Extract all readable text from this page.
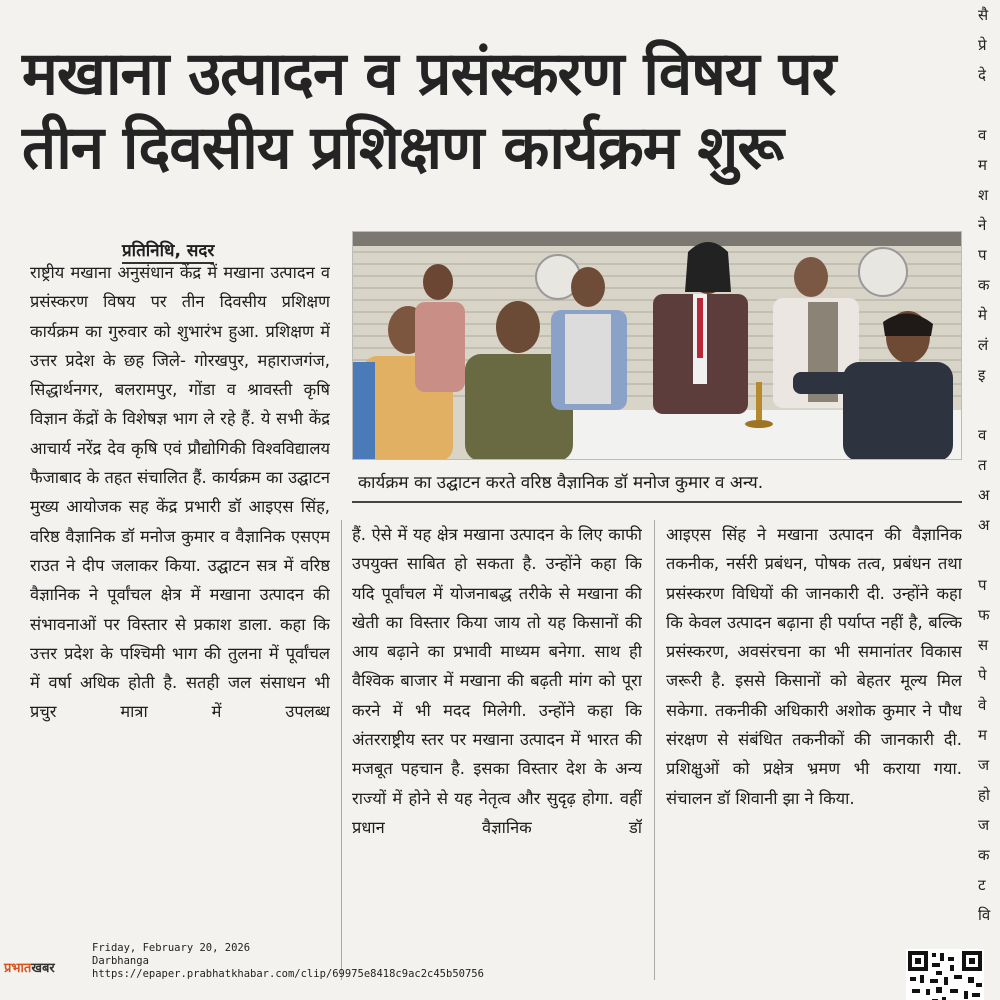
मखाना उत्पादन व प्रसंस्करण विषय पर
तीन दिवसीय प्रशिक्षण कार्यक्रम शुरू
प्रतिनिधि, सदर
कार्यक्रम का उद्घाटन करते वरिष्ठ वैज्ञानिक डॉ मनोज कुमार व अन्य.

राष्ट्रीय मखाना अनुसंधान केंद्र में मखाना उत्पादन व प्रसंस्करण विषय पर तीन दिवसीय प्रशिक्षण कार्यक्रम का गुरुवार को शुभारंभ हुआ. प्रशिक्षण में उत्तर प्रदेश के छह जिले- गोरखपुर, महाराजगंज, सिद्धार्थनगर, बलरामपुर, गोंडा व श्रावस्ती कृषि विज्ञान केंद्रों के विशेषज्ञ भाग ले रहे हैं. ये सभी केंद्र आचार्य नरेंद्र देव कृषि एवं प्रौद्योगिकी विश्वविद्यालय फैजाबाद के तहत संचालित हैं. कार्यक्रम का उद्घाटन मुख्य आयोजक सह केंद्र प्रभारी डॉ आइएस सिंह, वरिष्ठ वैज्ञानिक डॉ मनोज कुमार व वैज्ञानिक एसएम राउत ने दीप जलाकर किया. उद्घाटन सत्र में वरिष्ठ वैज्ञानिक ने पूर्वांचल क्षेत्र में मखाना उत्पादन की संभावनाओं पर विस्तार से प्रकाश डाला. कहा कि उत्तर प्रदेश के पश्चिमी भाग की तुलना में पूर्वांचल में वर्षा अधिक होती है. सतही जल संसाधन भी प्रचुर मात्रा में उपलब्ध

हैं. ऐसे में यह क्षेत्र मखाना उत्पादन के लिए काफी उपयुक्त साबित हो सकता है. उन्होंने कहा कि यदि पूर्वांचल में योजनाबद्ध तरीके से मखाना की खेती का विस्तार किया जाय तो यह किसानों की आय बढ़ाने का प्रभावी माध्यम बनेगा. साथ ही वैश्विक बाजार में मखाना की बढ़ती मांग को पूरा करने में भी मदद मिलेगी. उन्होंने कहा कि अंतरराष्ट्रीय स्तर पर मखाना उत्पादन में भारत की मजबूत पहचान है. इसका विस्तार देश के अन्य राज्यों में होने से यह नेतृत्व और सुदृढ़ होगा. वहीं प्रधान वैज्ञानिक डॉ

आइएस सिंह ने मखाना उत्पादन की वैज्ञानिक तकनीक, नर्सरी प्रबंधन, पोषक तत्व, प्रबंधन तथा प्रसंस्करण विधियों की जानकारी दी. उन्होंने कहा कि केवल उत्पादन बढ़ाना ही पर्याप्त नहीं है, बल्कि प्रसंस्करण, अवसंरचना का भी समानांतर विकास जरूरी है. इससे किसानों को बेहतर मूल्य मिल सकेगा. तकनीकी अधिकारी अशोक कुमार ने पौध संरक्षण से संबंधित तकनीकों की जानकारी दी. प्रशिक्षुओं को प्रक्षेत्र भ्रमण भी कराया गया. संचालन डॉ शिवानी झा ने किया.

सै
प्रे
दे

व
म
श
ने
प
क
मे
लं
इ

व
त
अ
अ

प
फ
स
पे
वे
म
ज
हो
ज
क
ट
वि
प्रभातखबर
Friday, February 20, 2026
Darbhanga
https://epaper.prabhatkhabar.com/clip/69975e8418c9ac2c45b50756
